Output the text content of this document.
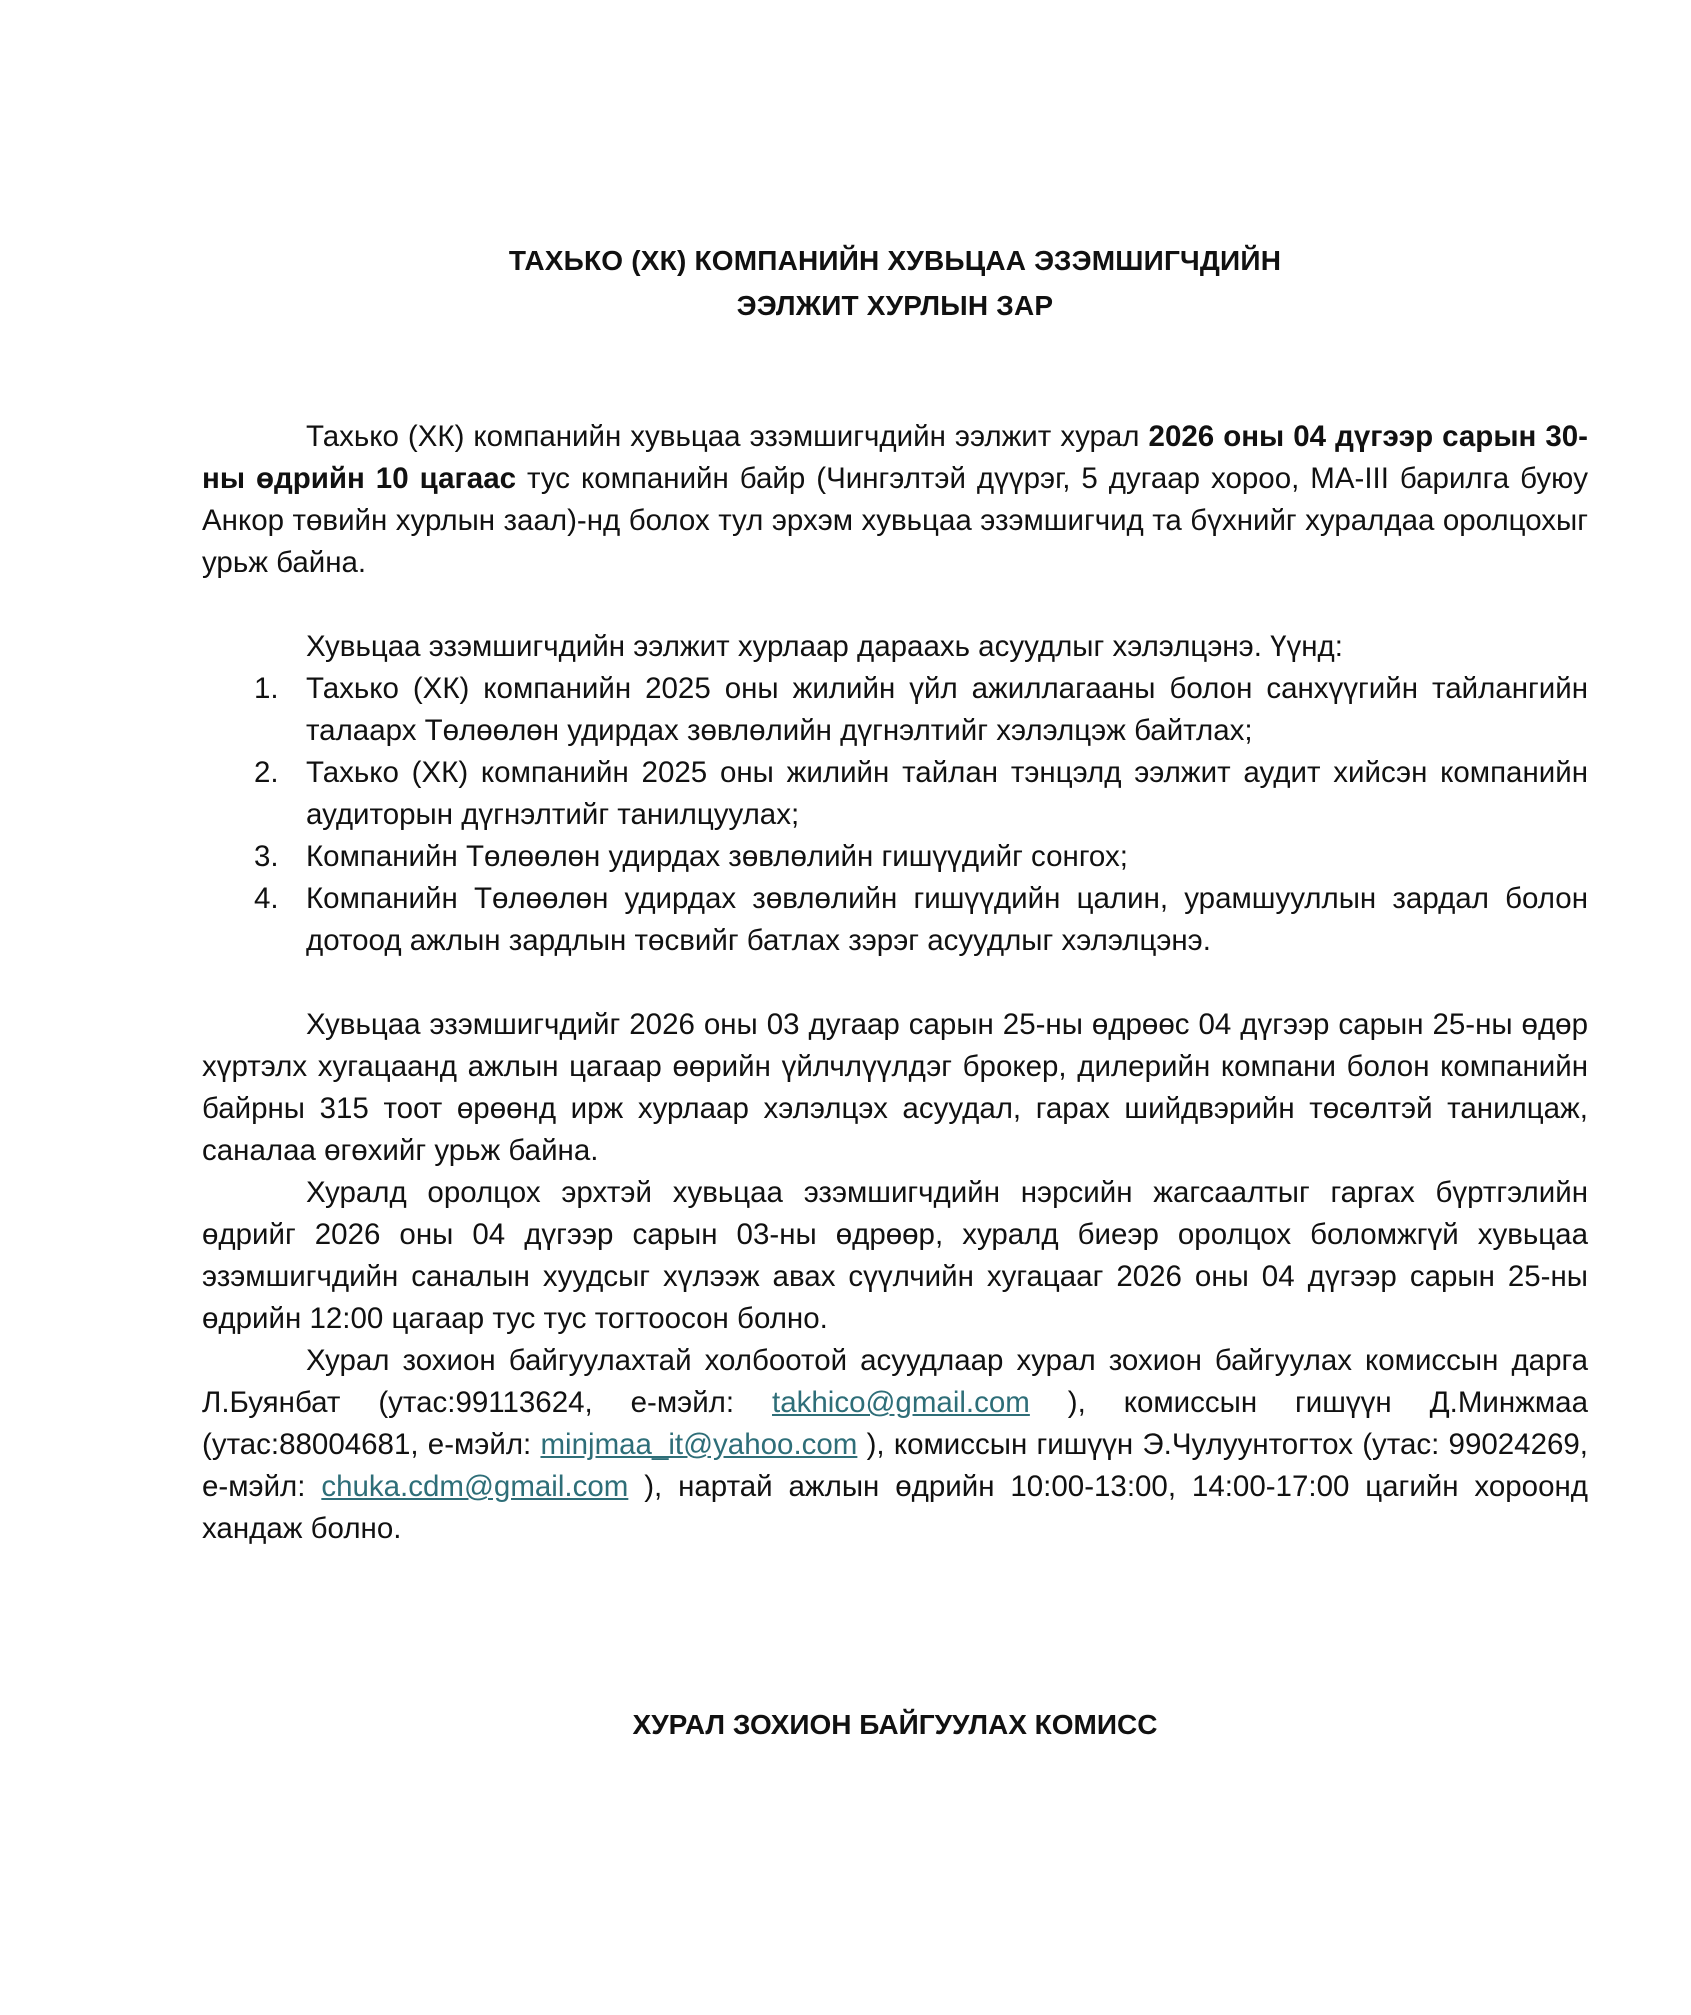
ТАХЬКО (ХК) КОМПАНИЙН ХУВЬЦАА ЭЗЭМШИГЧДИЙН
ЭЭЛЖИТ ХУРЛЫН ЗАР

Тахько (ХК) компанийн хувьцаа эзэмшигчдийн ээлжит хурал 2026 оны 04 дүгээр сарын 30-ны өдрийн 10 цагаас тус компанийн байр (Чингэлтэй дүүрэг, 5 дугаар хороо, МА-III барилга буюу Анкор төвийн хурлын заал)-нд болох тул эрхэм хувьцаа эзэмшигчид та бүхнийг хуралдаа оролцохыг урьж байна.

Хувьцаа эзэмшигчдийн ээлжит хурлаар дараахь асуудлыг хэлэлцэнэ. Үүнд:

1. Тахько (ХК) компанийн 2025 оны жилийн үйл ажиллагааны болон санхүүгийн тайлангийн талаарх Төлөөлөн удирдах зөвлөлийн дүгнэлтийг хэлэлцэж байтлах;
2. Тахько (ХК) компанийн 2025 оны жилийн тайлан тэнцэлд ээлжит аудит хийсэн компанийн аудиторын дүгнэлтийг танилцуулах;
3. Компанийн Төлөөлөн удирдах зөвлөлийн гишүүдийг сонгох;
4. Компанийн Төлөөлөн удирдах зөвлөлийн гишүүдийн цалин, урамшууллын зардал болон дотоод ажлын зардлын төсвийг батлах зэрэг асуудлыг хэлэлцэнэ.

Хувьцаа эзэмшигчдийг 2026 оны 03 дугаар сарын 25-ны өдрөөс 04 дүгээр сарын 25-ны өдөр хүртэлх хугацаанд ажлын цагаар өөрийн үйлчлүүлдэг брокер, дилерийн компани болон компанийн байрны 315 тоот өрөөнд ирж хурлаар хэлэлцэх асуудал, гарах шийдвэрийн төсөлтэй танилцаж, саналаа өгөхийг урьж байна.

Хуралд оролцох эрхтэй хувьцаа эзэмшигчдийн нэрсийн жагсаалтыг гаргах бүртгэлийн өдрийг 2026 оны 04 дүгээр сарын 03-ны өдрөөр, хуралд биеэр оролцох боломжгүй хувьцаа эзэмшигчдийн саналын хуудсыг хүлээж авах сүүлчийн хугацааг 2026 оны 04 дүгээр сарын 25-ны өдрийн 12:00 цагаар тус тус тогтоосон болно.

Хурал зохион байгуулахтай холбоотой асуудлаар хурал зохион байгуулах комиссын дарга Л.Буянбат (утас:99113624, е-мэйл: takhico@gmail.com ), комиссын гишүүн Д.Минжмаа (утас:88004681, е-мэйл: minjmaa_it@yahoo.com ), комиссын гишүүн Э.Чулуунтогтох (утас: 99024269, е-мэйл: chuka.cdm@gmail.com ), нартай ажлын өдрийн 10:00-13:00, 14:00-17:00 цагийн хороонд хандаж болно.

ХУРАЛ ЗОХИОН БАЙГУУЛАХ КОМИСС
